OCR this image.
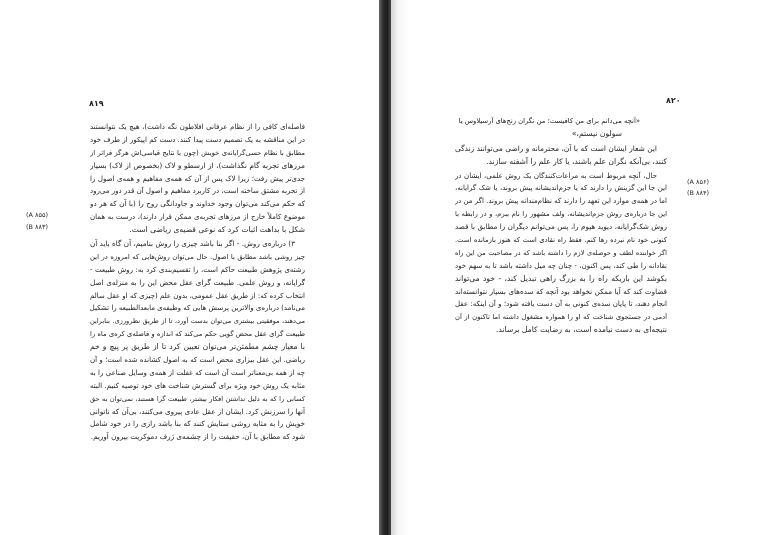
۸۱۹
(A ۸۵۵)
(B ۸۸۳)
فاصله‌ای کافی را از نظام عرفانی افلاطون نگه داشت)، هیچ یک نتوانستند
در این مناقشه به یک تصمیم دست پیدا کنند. دست کم اپیکور از طرف خود
مطابق با نظام حسی‌گرایانه‌ی خویش (چون با نتایج قیاسی‌اش هرگز فراتر از
مرزهای تجربه گام نگذاشت)، از ارسطو و لاک (بخصوص از لاک) بسیار
جدی‌تر پیش رفت؛ زیرا لاک پس از آن که همه‌ی مفاهیم و همه‌ی اصول را
از تجربه مشتق ساخته است، در کاربرد مفاهیم و اصول آن قدر دور می‌رود
که حکم می‌کند می‌توان وجود خداوند و جاودانگی روح را (با آن که هر دو
موضوع کاملاً خارج از مرزهای تجربه‌ی ممکن قرار دارند)، درست به همان
شکل با بداهت اثبات کرد که نوعی قضیه‌ی ریاضی است.
۳) درباره‌ی روش. - اگر بنا باشد چیزی را روش بنامیم، آن گاه باید آن
چیز روشی باشد مطابق با اصول. حال می‌توان روش‌هایی که امروزه در این
رشته‌ی پژوهش طبیعت حاکم است، را تقسیم‌بندی کرد به: روش طبیعت -
گرایانه، و روش علمی. طبیعت گرای عقل محض این را به منزله‌ی اصل
انتخاب کرده که: از طریق عقل عمومی، بدون علم (چیزی که او عقل سالم
می‌نامد) درباره‌ی والاترین پرسش هایی که وظیفه‌ی مابعدالطبیعه را تشکیل
می‌دهند، موفقیتی بیشتری می‌توان بدست آورد، تا از طریق نظرورزی. بنابراین
طبیعت گرای عقل محض گویی حکم می‌کند که اندازه و فاصله‌ی کره‌ی ماه را
با معیار چشم مطمئن‌تر می‌توان تعیین کرد تا از طریق پر پیچ و خم
ریاضی. این عقل بیزاری محض است که به اصول کشانده شده است؛ و آن
چه از همه بی‌معناتر است آن است که غفلت از همه‌ی وسایل صناعی را به
مثابه یک روش خود ویژه برای گسترش شناخت های خود توصیه کنیم. البته
کسانی را که به دلیل نداشتن افکار بیشتر، طبیعت گرا هستند، نمی‌توان به حق
آنها را سرزنش کرد. ایشان از عقل عادی پیروی می‌کنند، بی‌آن که ناتوانی
خویش را به مثابه روشی ستایش کنند که بنا باشد رازی را در خود شامل
شود که مطابق با آن، حقیقت را از چشمه‌ی ژرف دموکریت بیرون آوریم.
۸۲۰
(A ۸۵۶)
(B ۸۸۴)
«آنچه می‌دانم برای من کافیست؛ من نگران رنج‌های آرسیلاوس یا
سولون نیستم،»
این شعار ایشان است که با آن، محترمانه و راضی می‌توانند زندگی
کنند، بی‌آنکه نگران علم باشند، یا کار علم را آشفته سازند.
حال، آنچه مربوط است به مراعات‌کنندگان یک روش علمی، ایشان در
این جا این گزینش را دارند که یا جزم‌اندیشانه پیش بروند، یا شک گرایانه،
اما در همه‌ی موارد این تعهد را دارند که نظام‌مندانه پیش بروند. اگر من در
این جا درباره‌ی روش جزم‌اندیشانه، ولف مشهور را نام ببرم، و در رابطه با
روش شک‌گرایانه، دیوید هیوم را، پس می‌توانم دیگران را مطابق با قصد
کنونی خود نام نبرده رها کنم. فقط راه نقادی است که هنوز بازمانده است.
اگر خواننده لطف و حوصله‌ی لازم را داشته باشد که در مصاحبت من این راه
نقادانه را طی کند، پس اکنون، - چنان چه میل داشته باشد تا به سهم خود
بکوشد این باریکه راه را به بزرگ راهی تبدیل کند، - خود می‌تواند
قضاوت کند که آیا ممکن نخواهد بود آنچه که سده‌های بسیار نتوانسته‌اند
انجام دهند، تا پایان سده‌ی کنونی به آن دست یافته شود؛ و آن اینکه: عقل
آدمی در جستجوی شناخت که او را همواره مشغول داشته اما تاکنون از آن
نتیجه‌ای به دست نیامده است، به رضایت کامل برساند.
